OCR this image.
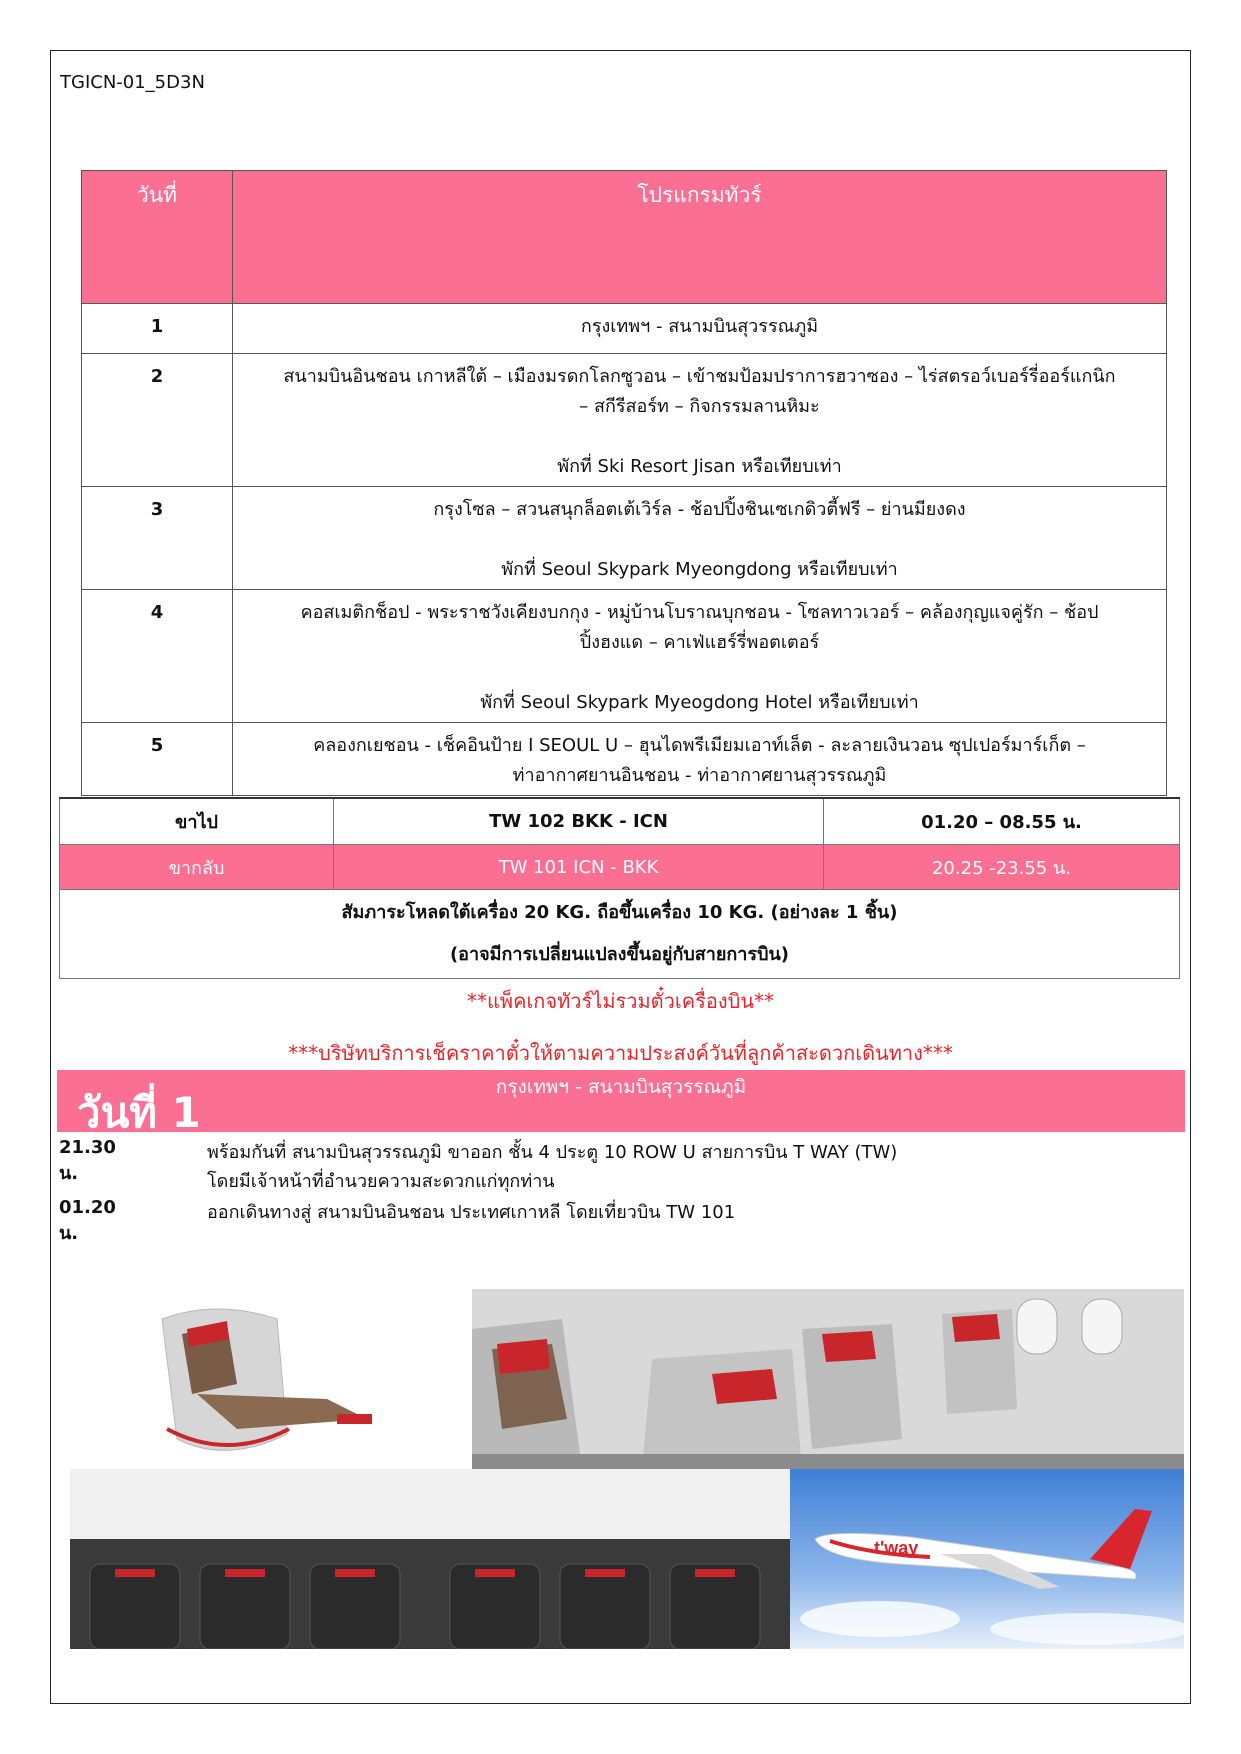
TGICN-01_5D3N
วันที่	โปรแกรมทัวร์
1	กรุงเทพฯ - สนามบินสุวรรณภูมิ

2	สนามบินอินชอน เกาหลีใต้ – เมืองมรดกโลกซูวอน – เข้าชมป้อมปราการฮวาซอง – ไร่สตรอว์เบอร์รี่ออร์แกนิก
– สกีรีสอร์ท – กิจกรรมลานหิมะ
พักที่ Ski Resort Jisan หรือเทียบเท่า

3	กรุงโซล – สวนสนุกล็อตเต้เวิร์ล - ช้อปปิ้งชินเซเกดิวตี้ฟรี – ย่านมียงดง
พักที่ Seoul Skypark Myeongdong หรือเทียบเท่า

4	คอสเมติกช็อป - พระราชวังเคียงบกกุง - หมู่บ้านโบราณบุกชอน - โซลทาวเวอร์ – คล้องกุญแจคู่รัก – ช้อป
ปิ้งฮงแด – คาเฟ่แฮร์รี่พอตเตอร์
พักที่ Seoul Skypark Myeogdong Hotel หรือเทียบเท่า

5	คลองกเยชอน - เช็คอินป้าย I SEOUL U – ฮุนไดพรีเมียมเอาท์เล็ต - ละลายเงินวอน ซุปเปอร์มาร์เก็ต –
ท่าอากาศยานอินชอน - ท่าอากาศยานสุวรรณภูมิ
ขาไป	TW 102 BKK - ICN	01.20 – 08.55 น.
ขากลับ	TW 101 ICN - BKK	20.25 -23.55 น.

สัมภาระโหลดใต้เครื่อง 20 KG. ถือขึ้นเครื่อง 10 KG. (อย่างละ 1 ชิ้น)
(อาจมีการเปลี่ยนแปลงขึ้นอยู่กับสายการบิน)		
**แพ็คเกจทัวร์ไม่รวมตั๋วเครื่องบิน**
***บริษัทบริการเช็คราคาตั๋วให้ตามความประสงค์วันที่ลูกค้าสะดวกเดินทาง***
วันที่ 1
กรุงเทพฯ - สนามบินสุวรรณภูมิ
21.30 น.
พร้อมกันที่ สนามบินสุวรรณภูมิ ขาออก ชั้น 4 ประตู 10 ROW U สายการบิน T WAY (TW)
โดยมีเจ้าหน้าที่อำนวยความสะดวกแก่ทุกท่าน
01.20 น.
ออกเดินทางสู่ สนามบินอินชอน ประเทศเกาหลี โดยเที่ยวบิน TW 101
t'way
